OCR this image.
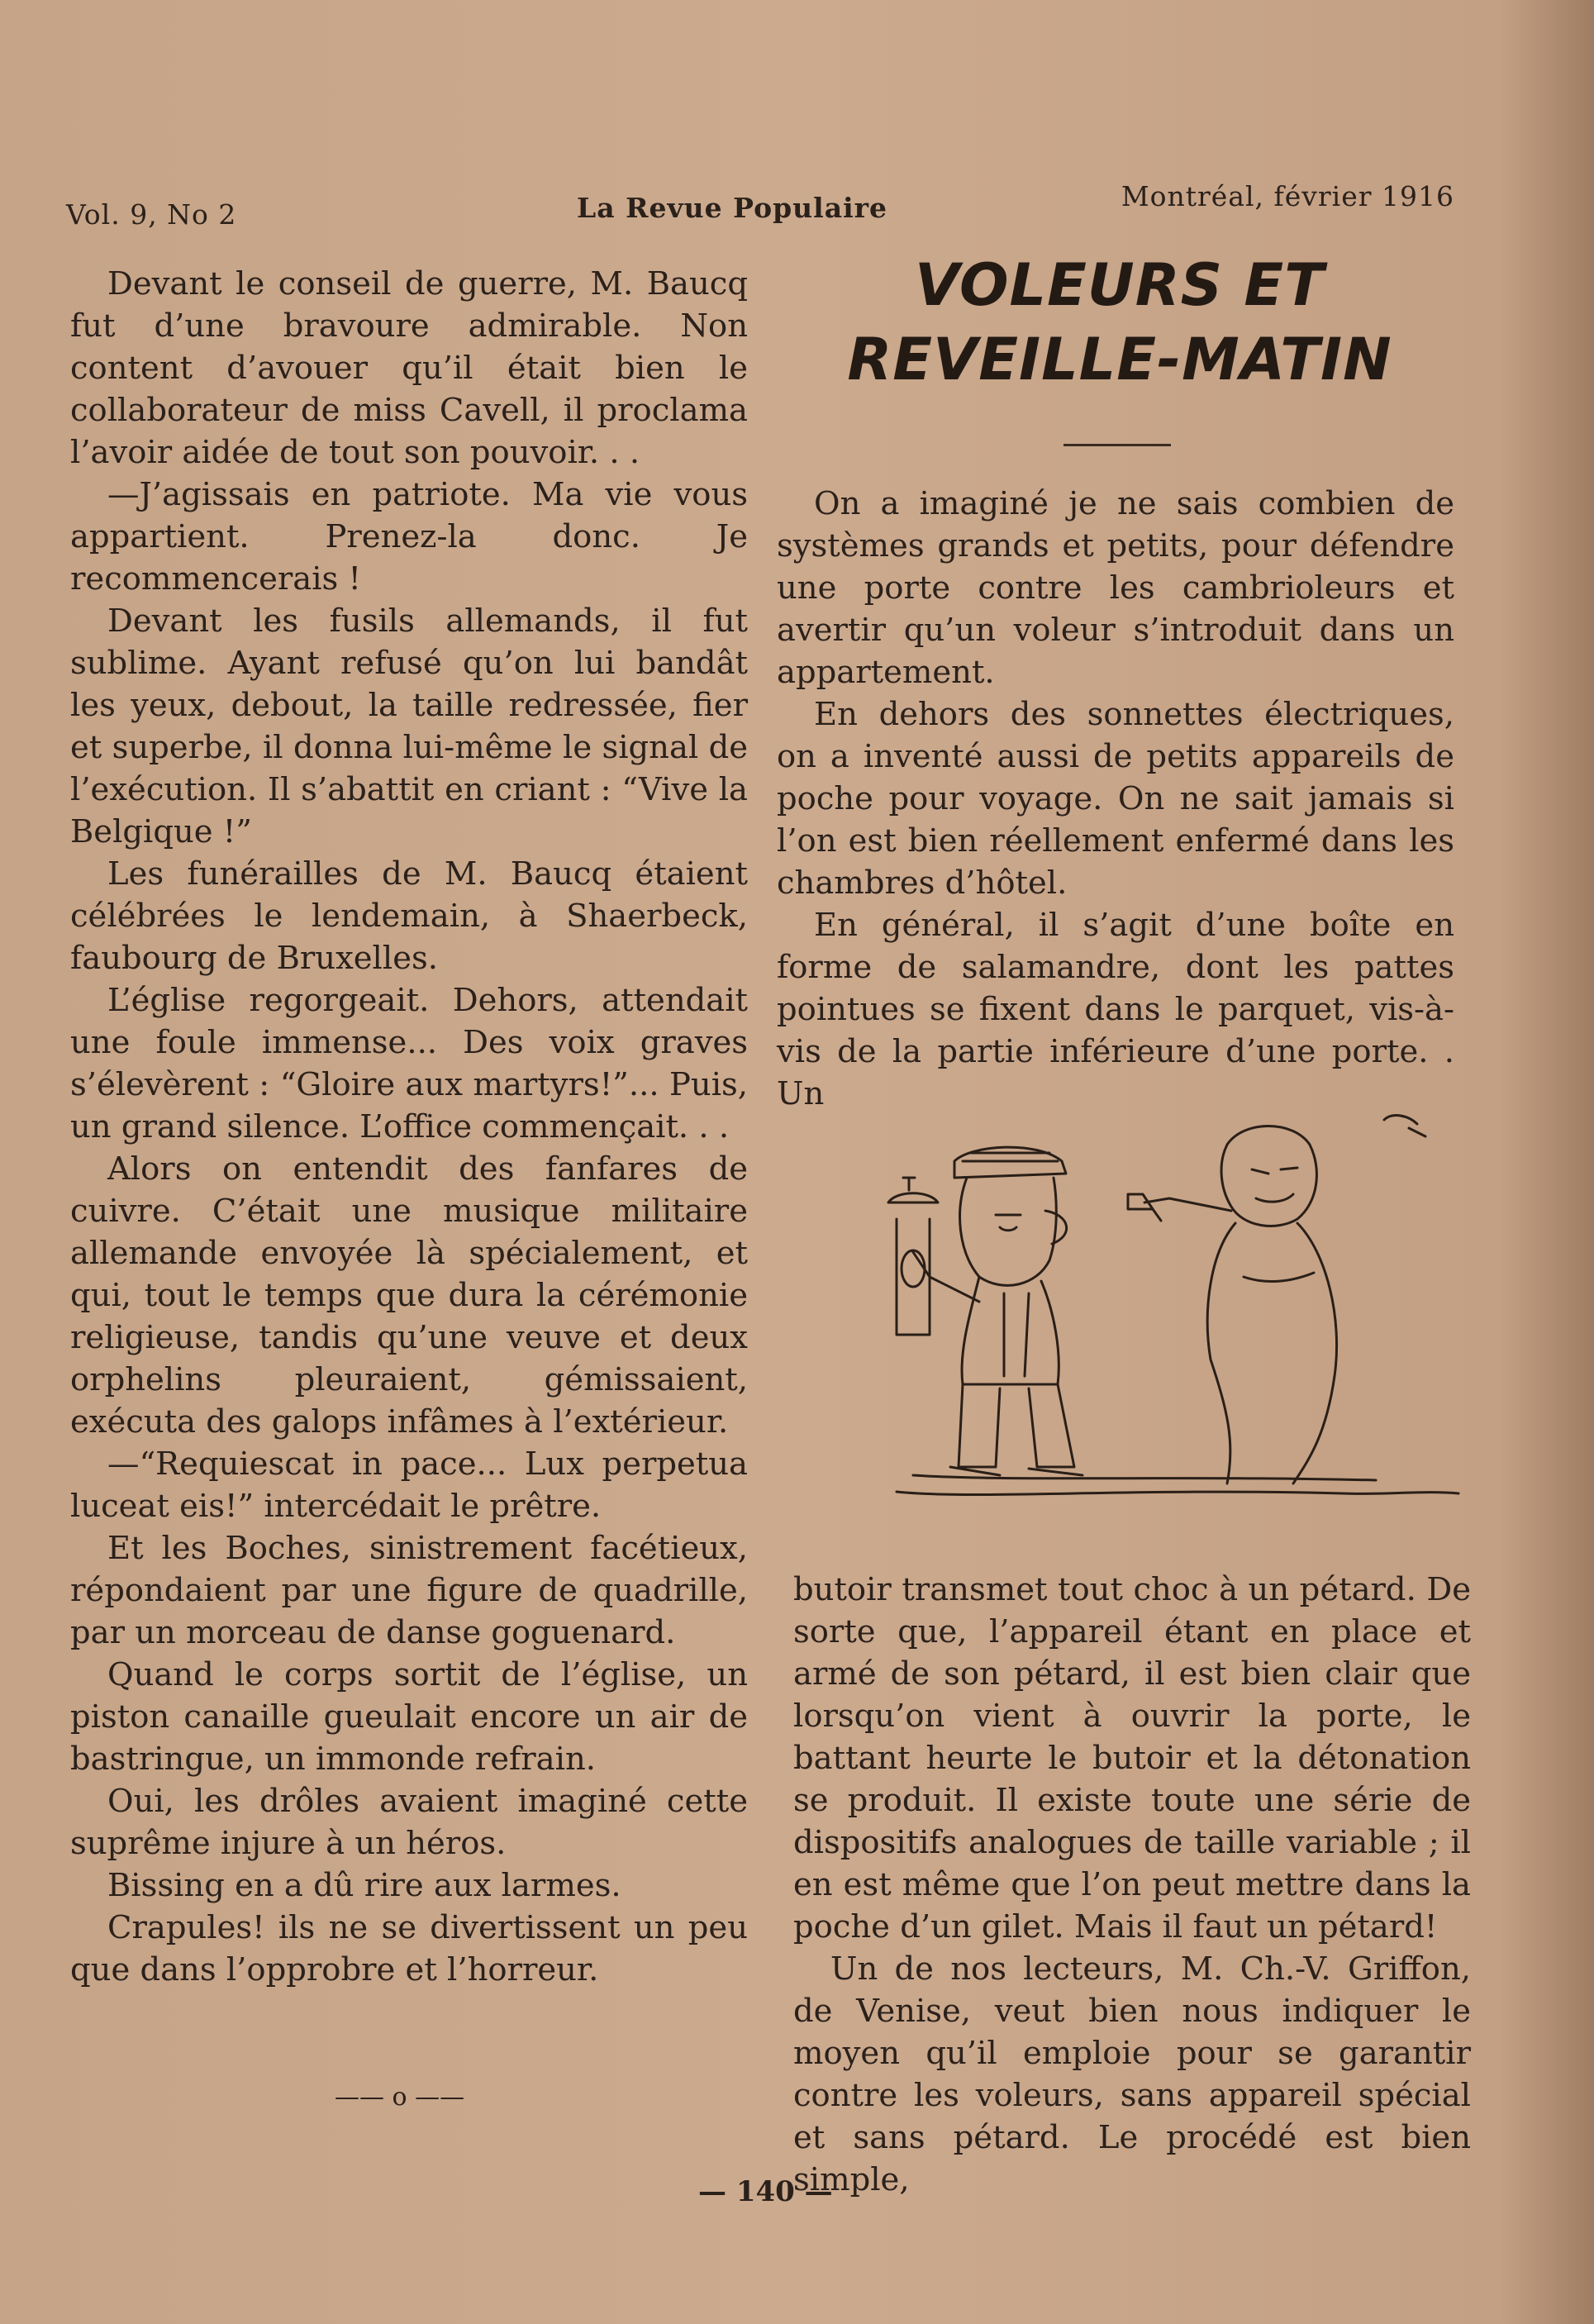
Vol. 9, No 2	La Revue Populaire	Montréal, février 1916

Devant le conseil de guerre, M. Baucq fut d’une bravoure admirable. Non content d’avouer qu’il était bien le collaborateur de miss Cavell, il proclama l’avoir aidée de tout son pouvoir. . .

—J’agissais en patriote. Ma vie vous appartient. Prenez-la donc. Je recommencerais !

Devant les fusils allemands, il fut sublime. Ayant refusé qu’on lui bandât les yeux, debout, la taille redressée, fier et superbe, il donna lui-même le signal de l’exécution. Il s’abattit en criant : “Vive la Belgique !”

Les funérailles de M. Baucq étaient célébrées le lendemain, à Shaerbeck, faubourg de Bruxelles.

L’église regorgeait. Dehors, attendait une foule immense... Des voix graves s’élevèrent : “Gloire aux martyrs!”... Puis, un grand silence. L’office commençait. . .

Alors on entendit des fanfares de cuivre. C’était une musique militaire allemande envoyée là spécialement, et qui, tout le temps que dura la cérémonie religieuse, tandis qu’une veuve et deux orphelins pleuraient, gémissaient, exécuta des galops infâmes à l’extérieur.

—“Requiescat in pace... Lux perpetua luceat eis!” intercédait le prêtre.

Et les Boches, sinistrement facétieux, répondaient par une figure de quadrille, par un morceau de danse goguenard.

Quand le corps sortit de l’église, un piston canaille gueulait encore un air de bastringue, un immonde refrain.

Oui, les drôles avaient imaginé cette suprême injure à un héros.

Bissing en a dû rire aux larmes.

Crapules! ils ne se divertissent un peu que dans l’opprobre et l’horreur.

—— o ——
VOLEURS ET REVEILLE-MATIN

On a imaginé je ne sais combien de systèmes grands et petits, pour défendre une porte contre les cambrioleurs et avertir qu’un voleur s’introduit dans un appartement.

En dehors des sonnettes électriques, on a inventé aussi de petits appareils de poche pour voyage. On ne sait jamais si l’on est bien réellement enfermé dans les chambres d’hôtel.

En général, il s’agit d’une boîte en forme de salamandre, dont les pattes pointues se fixent dans le parquet, vis-à-vis de la partie inférieure d’une porte. . Un

butoir transmet tout choc à un pétard. De sorte que, l’appareil étant en place et armé de son pétard, il est bien clair que lorsqu’on vient à ouvrir la porte, le battant heurte le butoir et la détonation se produit. Il existe toute une série de dispositifs analogues de taille variable ; il en est même que l’on peut mettre dans la poche d’un gilet. Mais il faut un pétard!

Un de nos lecteurs, M. Ch.-V. Griffon, de Venise, veut bien nous indiquer le moyen qu’il emploie pour se garantir contre les voleurs, sans appareil spécial et sans pétard. Le procédé est bien simple,

— 140 —
